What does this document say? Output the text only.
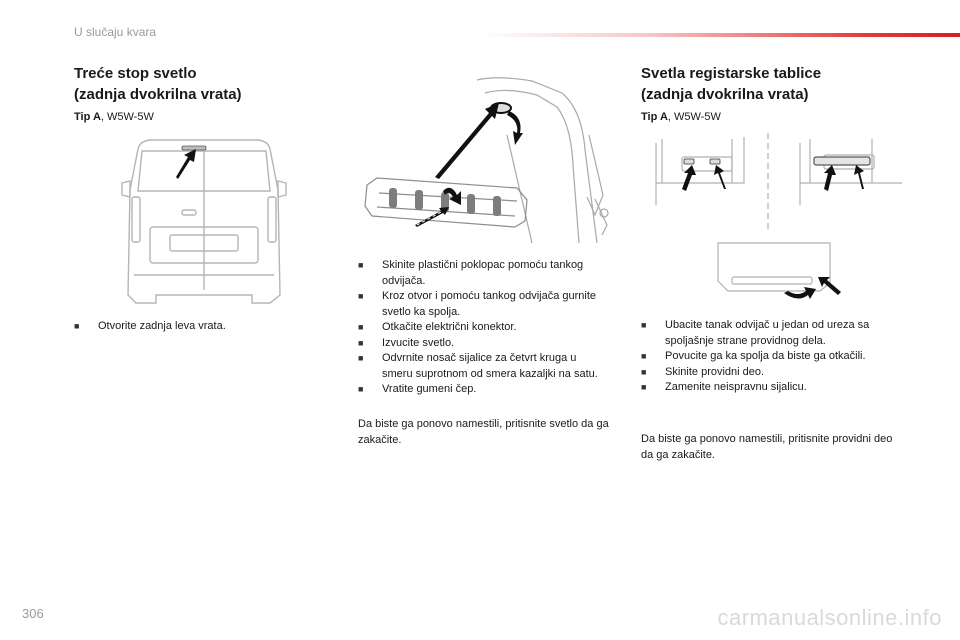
U slučaju kvara
Treće stop svetlo
(zadnja dvokrilna vrata)
Tip A, W5W-5W
■ Otvorite zadnja leva vrata.
■ Skinite plastični poklopac pomoću tankog odvijača.
■ Kroz otvor i pomoću tankog odvijača gurnite svetlo ka spolja.
■ Otkačite električni konektor.
■ Izvucite svetlo.
■ Odvrnite nosač sijalice za četvrt kruga u smeru suprotnom od smera kazaljki na satu.
■ Vratite gumeni čep.

Da biste ga ponovo namestili, pritisnite svetlo da ga zakačite.

Svetla registarske tablice
(zadnja dvokrilna vrata)
Tip A, W5W-5W
■ Ubacite tanak odvijač u jedan od ureza sa spoljašnje strane providnog dela.
■ Povucite ga ka spolja da biste ga otkačili.
■ Skinite providni deo.
■ Zamenite neispravnu sijalicu.

Da biste ga ponovo namestili, pritisnite providni deo da ga zakačite.

306	carmanualsonline.info
